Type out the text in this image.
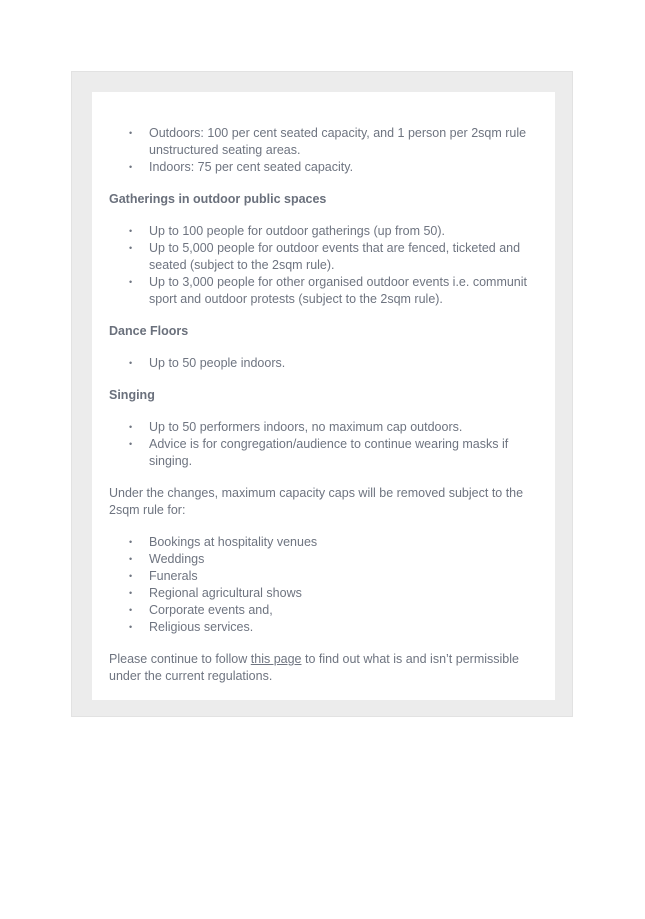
• Outdoors: 100 per cent seated capacity, and 1 person per 2sqm rule
unstructured seating areas.
• Indoors: 75 per cent seated capacity.
Gatherings in outdoor public spaces
• Up to 100 people for outdoor gatherings (up from 50).
• Up to 5,000 people for outdoor events that are fenced, ticketed and
seated (subject to the 2sqm rule).
• Up to 3,000 people for other organised outdoor events i.e. communit
sport and outdoor protests (subject to the 2sqm rule).
Dance Floors
• Up to 50 people indoors.
Singing
• Up to 50 performers indoors, no maximum cap outdoors.
• Advice is for congregation/audience to continue wearing masks if
singing.
Under the changes, maximum capacity caps will be removed subject to the
2sqm rule for:
• Bookings at hospitality venues
• Weddings
• Funerals
• Regional agricultural shows
• Corporate events and,
• Religious services.
Please continue to follow this page to find out what is and isn’t permissible
under the current regulations.
